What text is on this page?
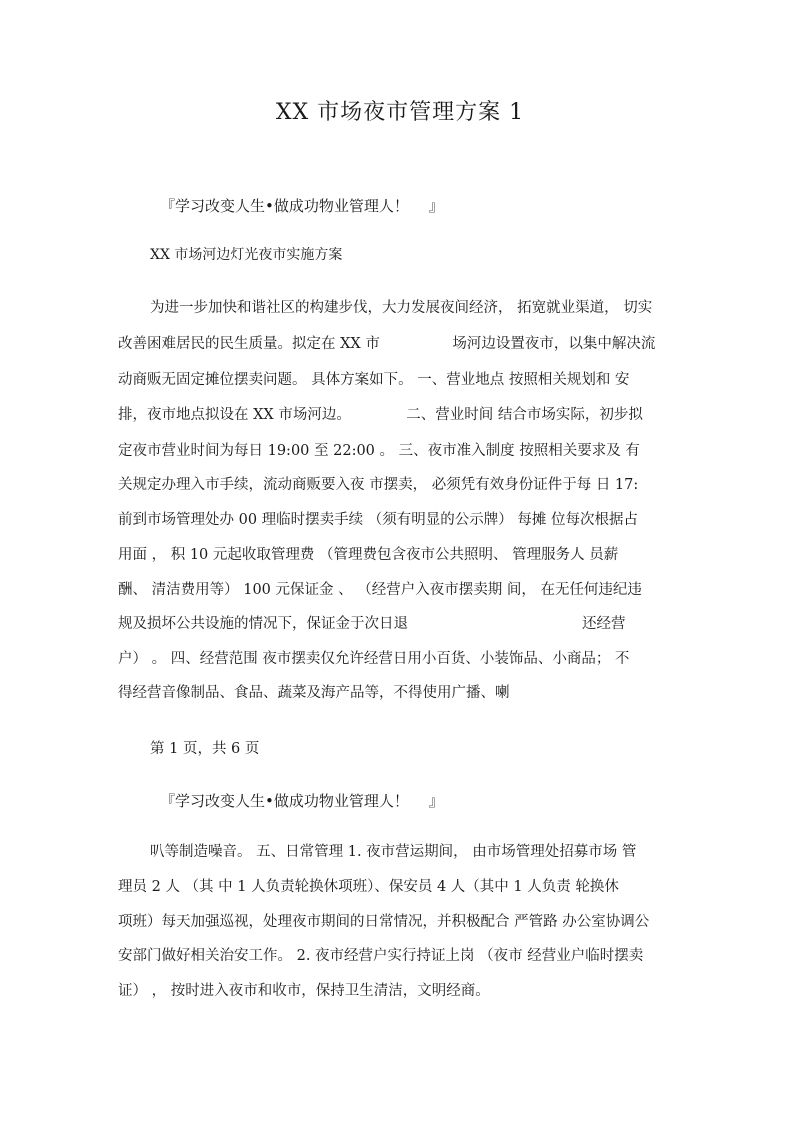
XX 市场夜市管理方案 1
『学习改变人生•做成功物业管理人！　 』
XX 市场河边灯光夜市实施方案
为进一步加快和谐社区的构建步伐，大力发展夜间经济， 拓宽就业渠道， 切实
改善困难居民的民生质量。拟定在 XX 市　　　　　场河边设置夜市，以集中解决流
动商贩无固定摊位摆卖问题。 具体方案如下。 一、营业地点 按照相关规划和 安
排，夜市地点拟设在 XX 市场河边。　　　　 二、营业时间 结合市场实际，初步拟
定夜市营业时间为每日 19:00 至 22:00 。 三、夜市准入制度 按照相关要求及 有
关规定办理入市手续，流动商贩要入夜 市摆卖， 必须凭有效身份证件于每 日 17:
前到市场管理处办 00 理临时摆卖手续 （须有明显的公示牌） 每摊 位每次根据占
用面 ， 积 10 元起收取管理费 （管理费包含夜市公共照明、 管理服务人 员薪
酬、 清洁费用等） 100 元保证金 、 （经营户入夜市摆卖期 间， 在无任何违纪违
规及损坏公共设施的情况下，保证金于次日退　　　　　　　　　　　　还经营
户） 。 四、经营范围 夜市摆卖仅允许经营日用小百货、小装饰品、小商品； 不
得经营音像制品、食品、蔬菜及海产品等，不得使用广播、喇
第 1 页，共 6 页
『学习改变人生•做成功物业管理人！　 』
叭等制造噪音。 五、日常管理 1. 夜市营运期间， 由市场管理处招募市场 管
理员 2 人 （其 中 1 人负责轮换休项班）、保安员 4 人（其中 1 人负责 轮换休
项班）每天加强巡视，处理夜市期间的日常情况，并积极配合 严管路 办公室协调公
安部门做好相关治安工作。 2. 夜市经营户实行持证上岗 （夜市 经营业户临时摆卖
证） ， 按时进入夜市和收市，保持卫生清洁，文明经商。
